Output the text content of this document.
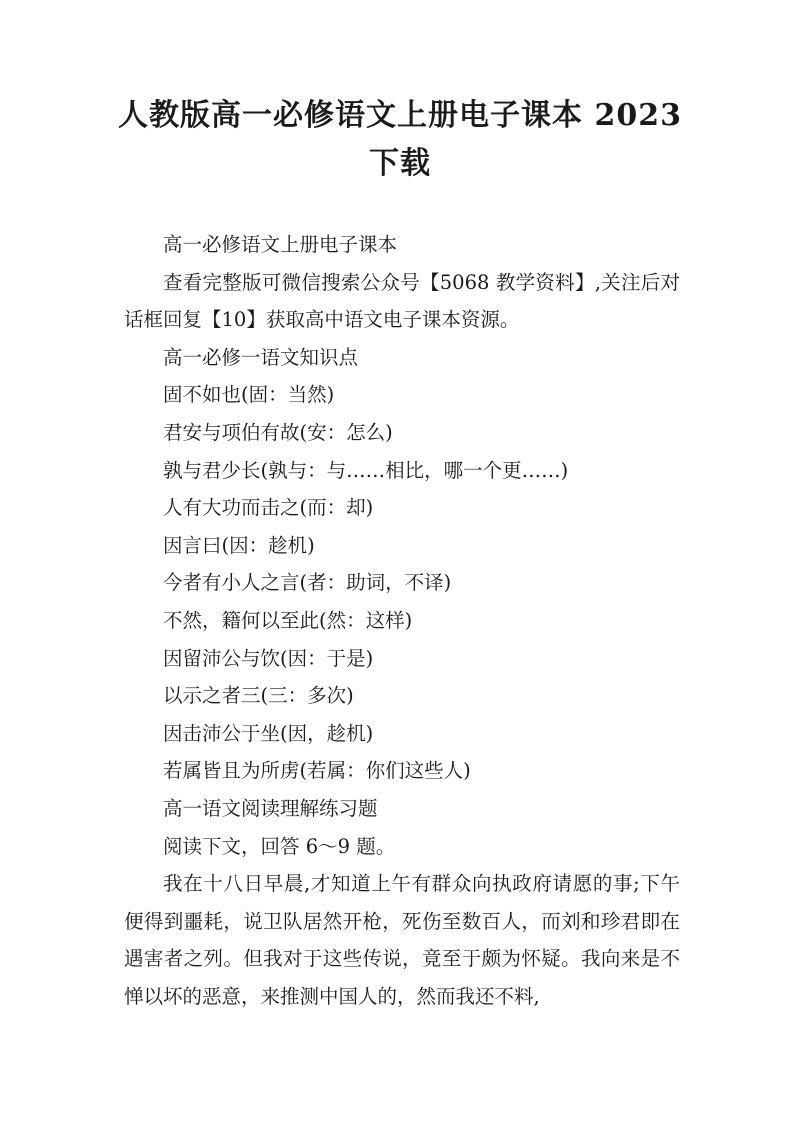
人教版高一必修语文上册电子课本 2023 下载

高一必修语文上册电子课本

查看完整版可微信搜索公众号【5068 教学资料】,关注后对话框回复【10】获取高中语文电子课本资源。

高一必修一语文知识点

固不如也(固：当然)

君安与项伯有故(安：怎么)

孰与君少长(孰与：与……相比，哪一个更……)

人有大功而击之(而：却)

因言曰(因：趁机)

今者有小人之言(者：助词，不译)

不然，籍何以至此(然：这样)

因留沛公与饮(因：于是)

以示之者三(三：多次)

因击沛公于坐(因，趁机)

若属皆且为所虏(若属：你们这些人)

高一语文阅读理解练习题

阅读下文，回答 6～9 题。

我在十八日早晨,才知道上午有群众向执政府请愿的事;下午便得到噩耗，说卫队居然开枪，死伤至数百人，而刘和珍君即在遇害者之列。但我对于这些传说，竟至于颇为怀疑。我向来是不惮以坏的恶意，来推测中国人的，然而我还不料,
